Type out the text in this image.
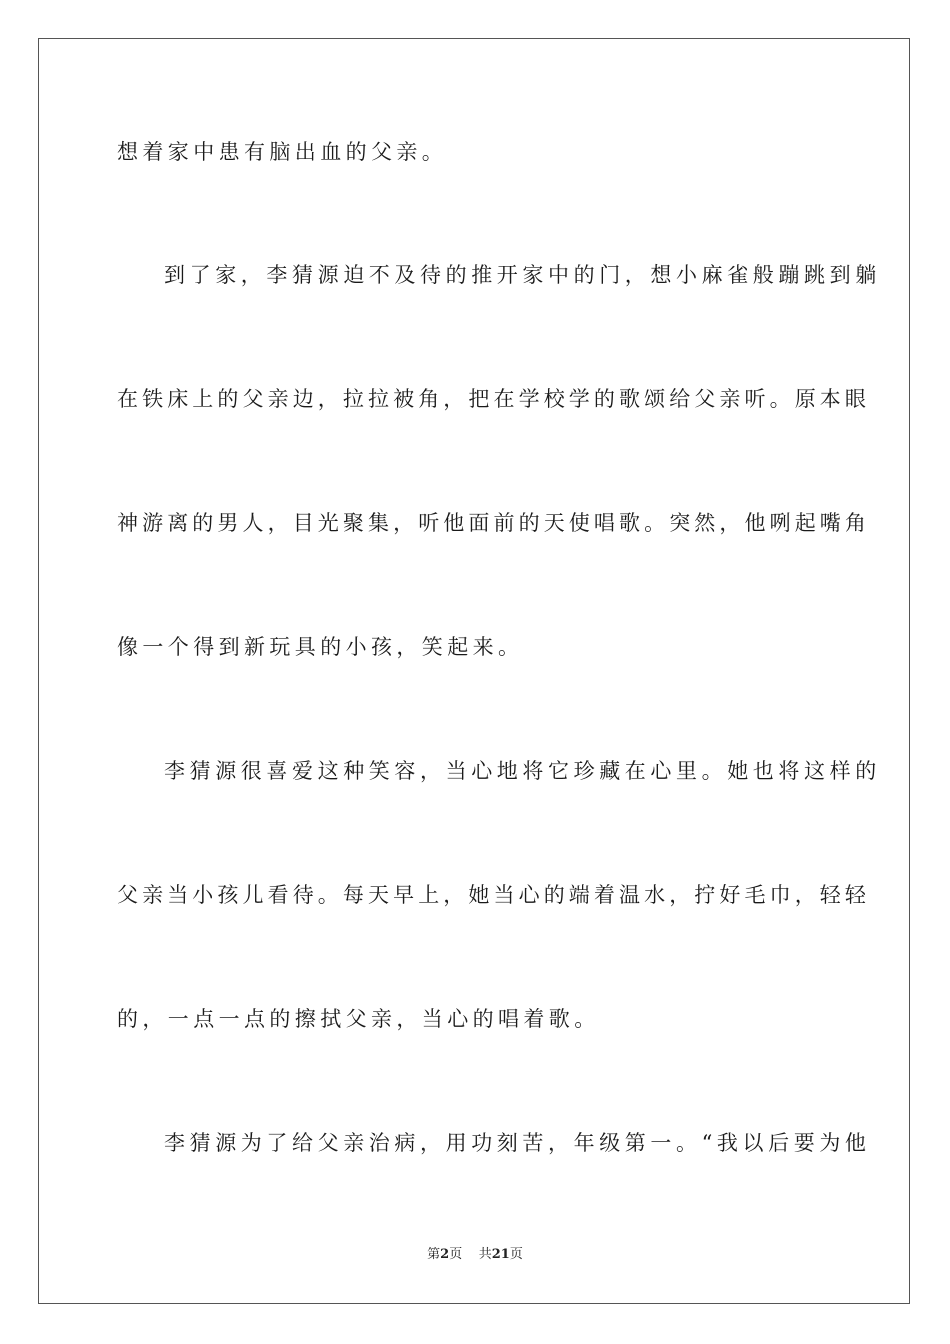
想着家中患有脑出血的父亲。
到了家，李猜源迫不及待的推开家中的门，想小麻雀般蹦跳到躺
在铁床上的父亲边，拉拉被角，把在学校学的歌颂给父亲听。原本眼
神游离的男人，目光聚集，听他面前的天使唱歌。突然，他咧起嘴角
像一个得到新玩具的小孩，笑起来。
李猜源很喜爱这种笑容，当心地将它珍藏在心里。她也将这样的
父亲当小孩儿看待。每天早上，她当心的端着温水，拧好毛巾，轻轻
的，一点一点的擦拭父亲，当心的唱着歌。
李猜源为了给父亲治病，用功刻苦，年级第一。“我以后要为他
第2页 共21页
